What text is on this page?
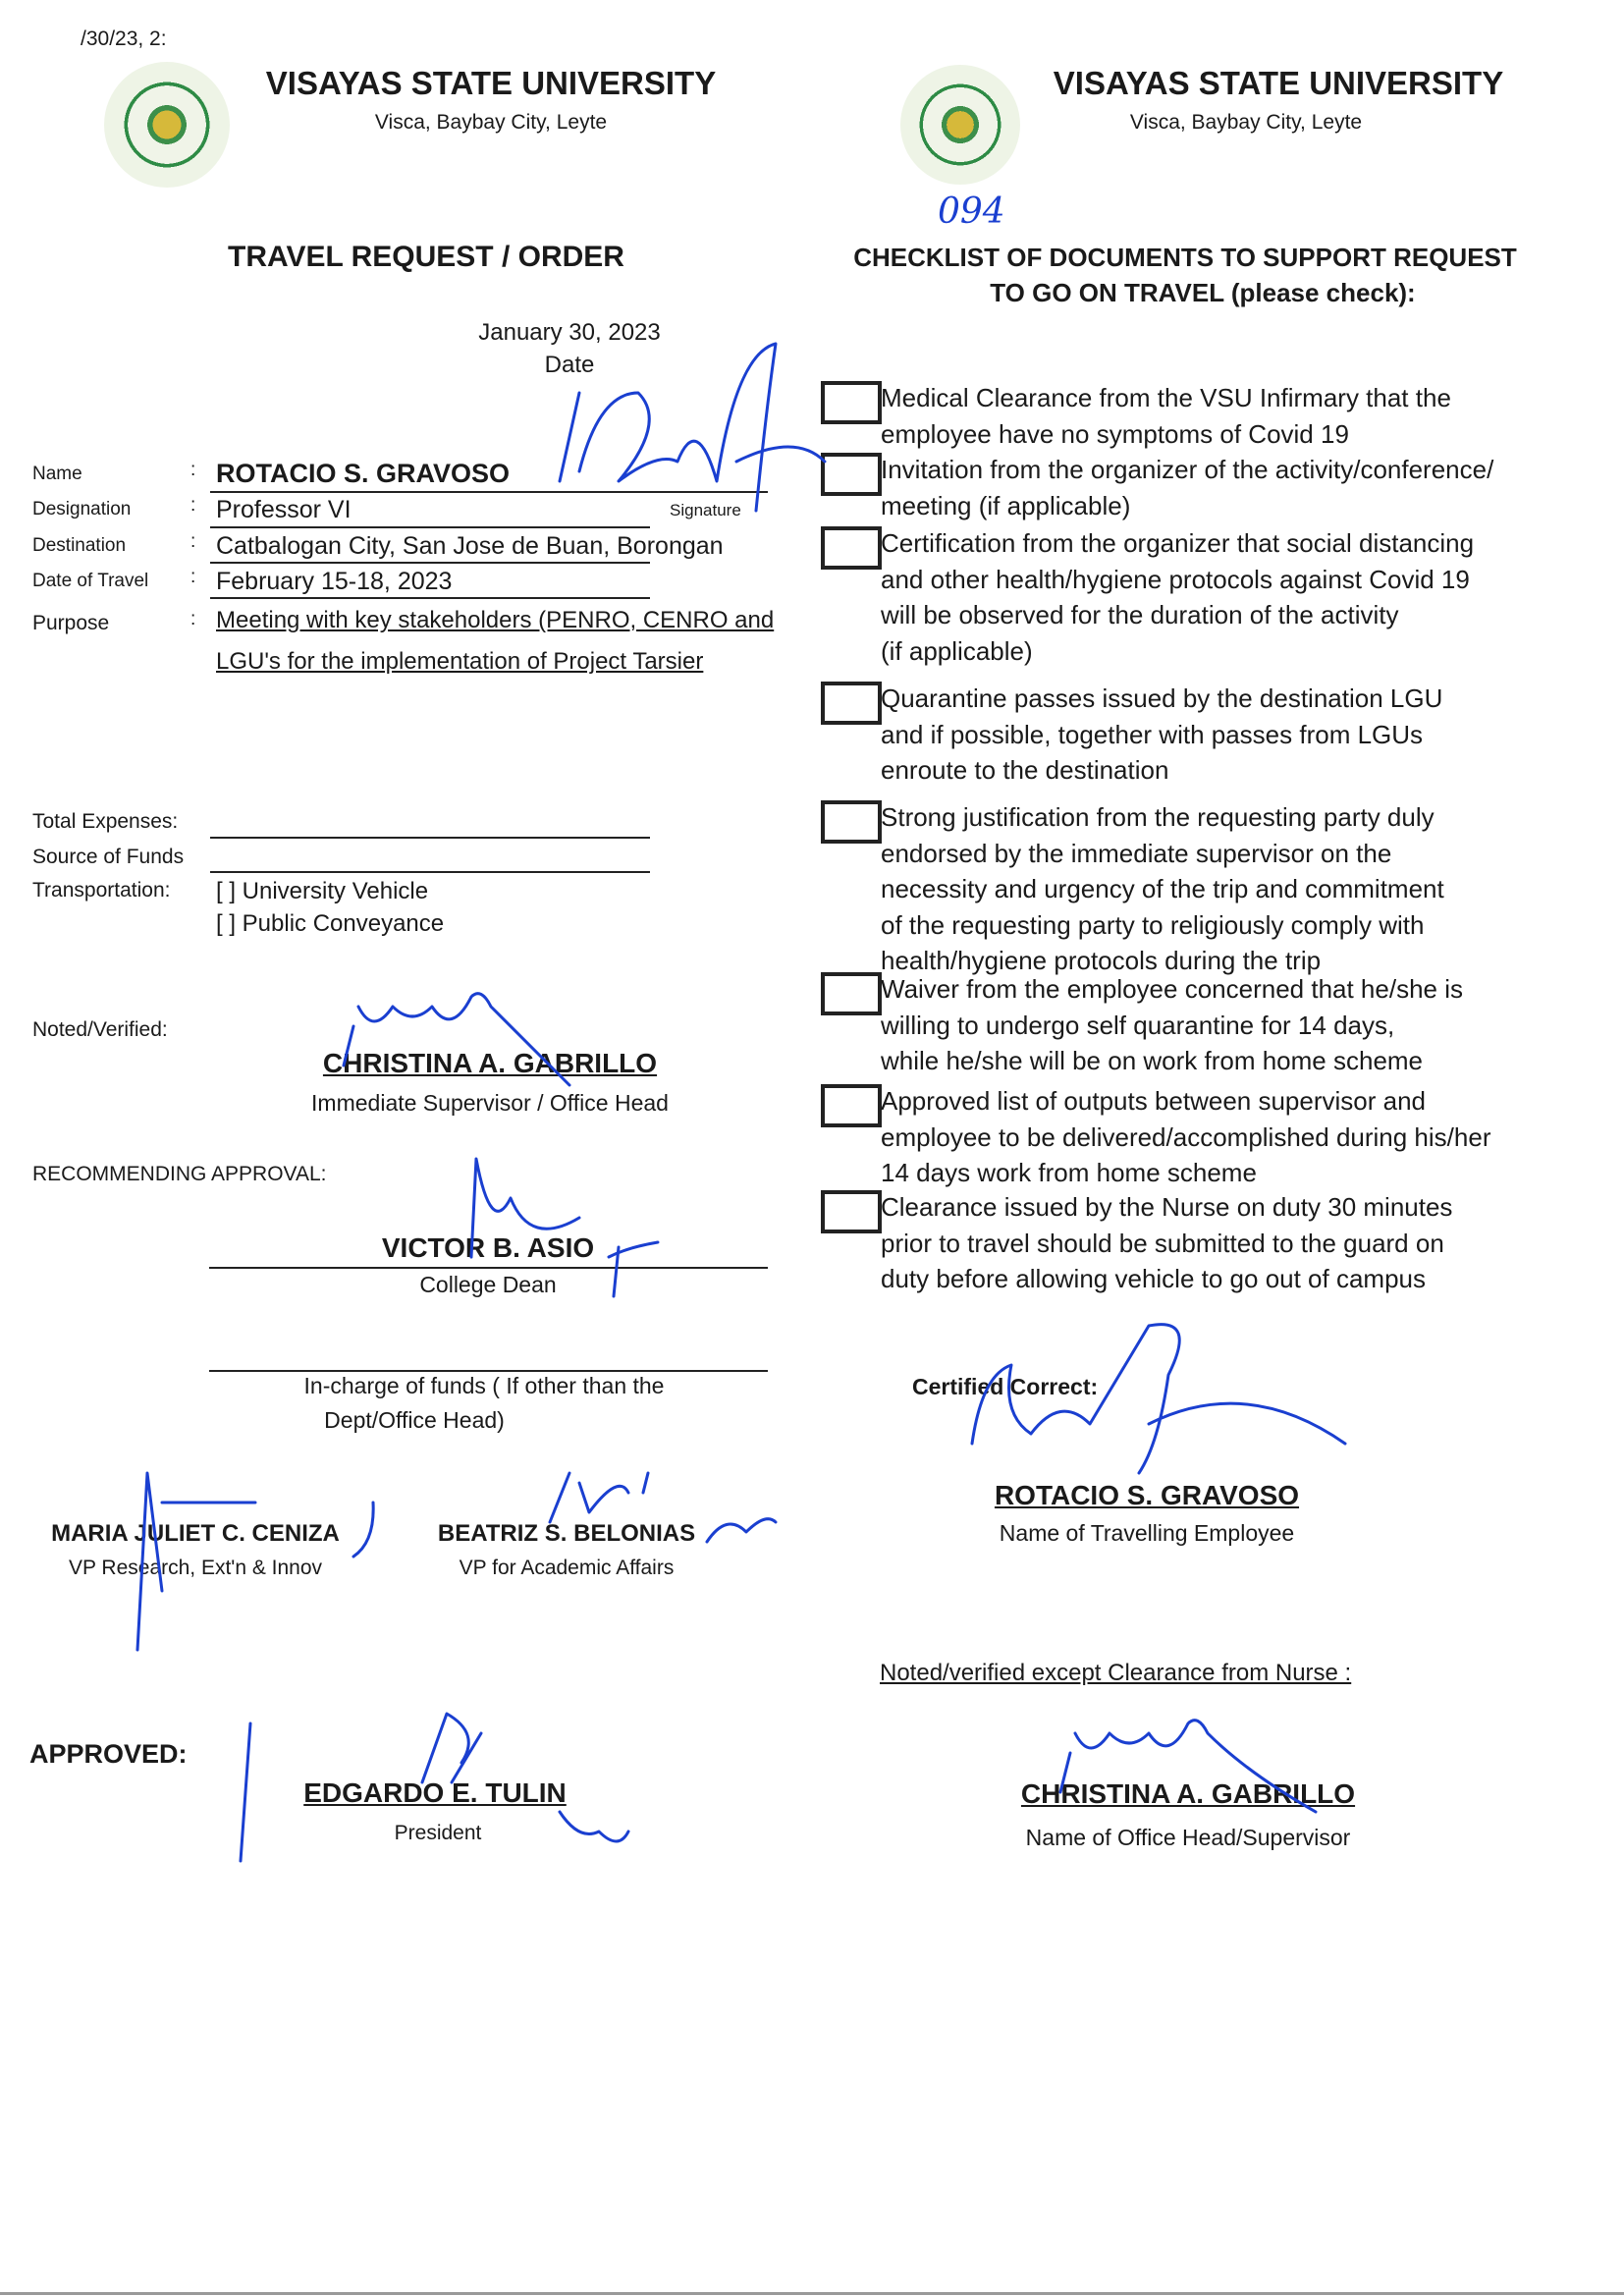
/30/23, 2:
VISAYAS STATE UNIVERSITY
Visca, Baybay City, Leyte
VISAYAS STATE UNIVERSITY
Visca, Baybay City, Leyte
094
TRAVEL REQUEST / ORDER	CHECKLIST OF DOCUMENTS TO SUPPORT REQUEST
TO GO ON TRAVEL (please check):
January 30, 2023
Date
Name
Designation
Destination
Date of Travel
Purpose
:
:
:
:
:
ROTACIO S. GRAVOSO
Professor VI	Signature
Catbalogan City, San Jose de Buan, Borongan
February 15-18, 2023
Meeting with key stakeholders (PENRO, CENRO and
LGU's for the implementation of Project Tarsier
Total Expenses:
Source of Funds
Transportation: [ ] University Vehicle
[ ] Public Conveyance
Noted/Verified:
CHRISTINA A. GABRILLO
Immediate Supervisor / Office Head
RECOMMENDING APPROVAL:
VICTOR B. ASIO
College Dean
In-charge of funds ( If other than the
Dept/Office Head)
MARIA JULIET C. CENIZA
VP Research, Ext'n & Innov
BEATRIZ S. BELONIAS
VP for Academic Affairs
APPROVED:
EDGARDO E. TULIN
President
Medical Clearance from the VSU Infirmary that the
employee have no symptoms of Covid 19
Invitation from the organizer of the activity/conference/
meeting (if applicable)
Certification from the organizer that social distancing
and other health/hygiene protocols against Covid 19
will be observed for the duration of the activity
(if applicable)
Quarantine passes issued by the destination LGU
and if possible, together with passes from LGUs
enroute to the destination
Strong justification from the requesting party duly
endorsed by the immediate supervisor on the
necessity and urgency of the trip and commitment
of the requesting party to religiously comply with
health/hygiene protocols during the trip
Waiver from the employee concerned that he/she is
willing to undergo self quarantine for 14 days,
while he/she will be on work from home scheme
Approved list of outputs between supervisor and
employee to be delivered/accomplished during his/her
14 days work from home scheme
Clearance issued by the Nurse on duty 30 minutes
prior to travel should be submitted to the guard on
duty before allowing vehicle to go out of campus
Certified Correct:
ROTACIO S. GRAVOSO
Name of Travelling Employee
Noted/verified except Clearance from Nurse :
CHRISTINA A. GABRILLO
Name of Office Head/Supervisor
